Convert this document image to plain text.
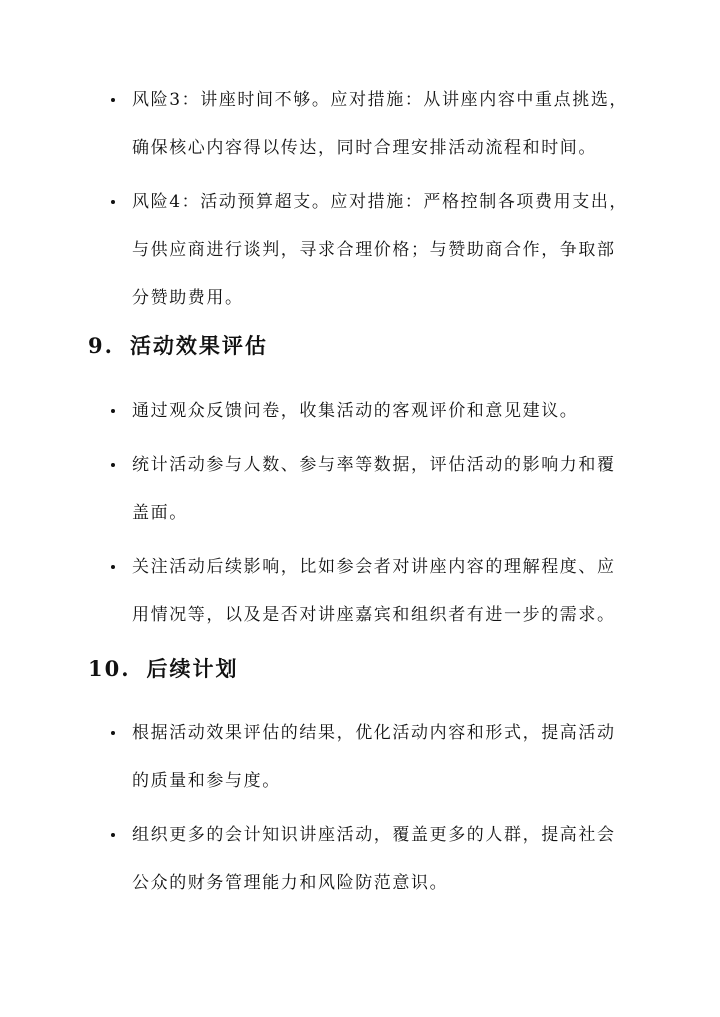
风险3：讲座时间不够。应对措施：从讲座内容中重点挑选，确保核心内容得以传达，同时合理安排活动流程和时间。
风险4：活动预算超支。应对措施：严格控制各项费用支出，与供应商进行谈判，寻求合理价格；与赞助商合作，争取部分赞助费用。
9. 活动效果评估
通过观众反馈问卷，收集活动的客观评价和意见建议。
统计活动参与人数、参与率等数据，评估活动的影响力和覆盖面。
关注活动后续影响，比如参会者对讲座内容的理解程度、应用情况等，以及是否对讲座嘉宾和组织者有进一步的需求。
10. 后续计划
根据活动效果评估的结果，优化活动内容和形式，提高活动的质量和参与度。
组织更多的会计知识讲座活动，覆盖更多的人群，提高社会公众的财务管理能力和风险防范意识。
